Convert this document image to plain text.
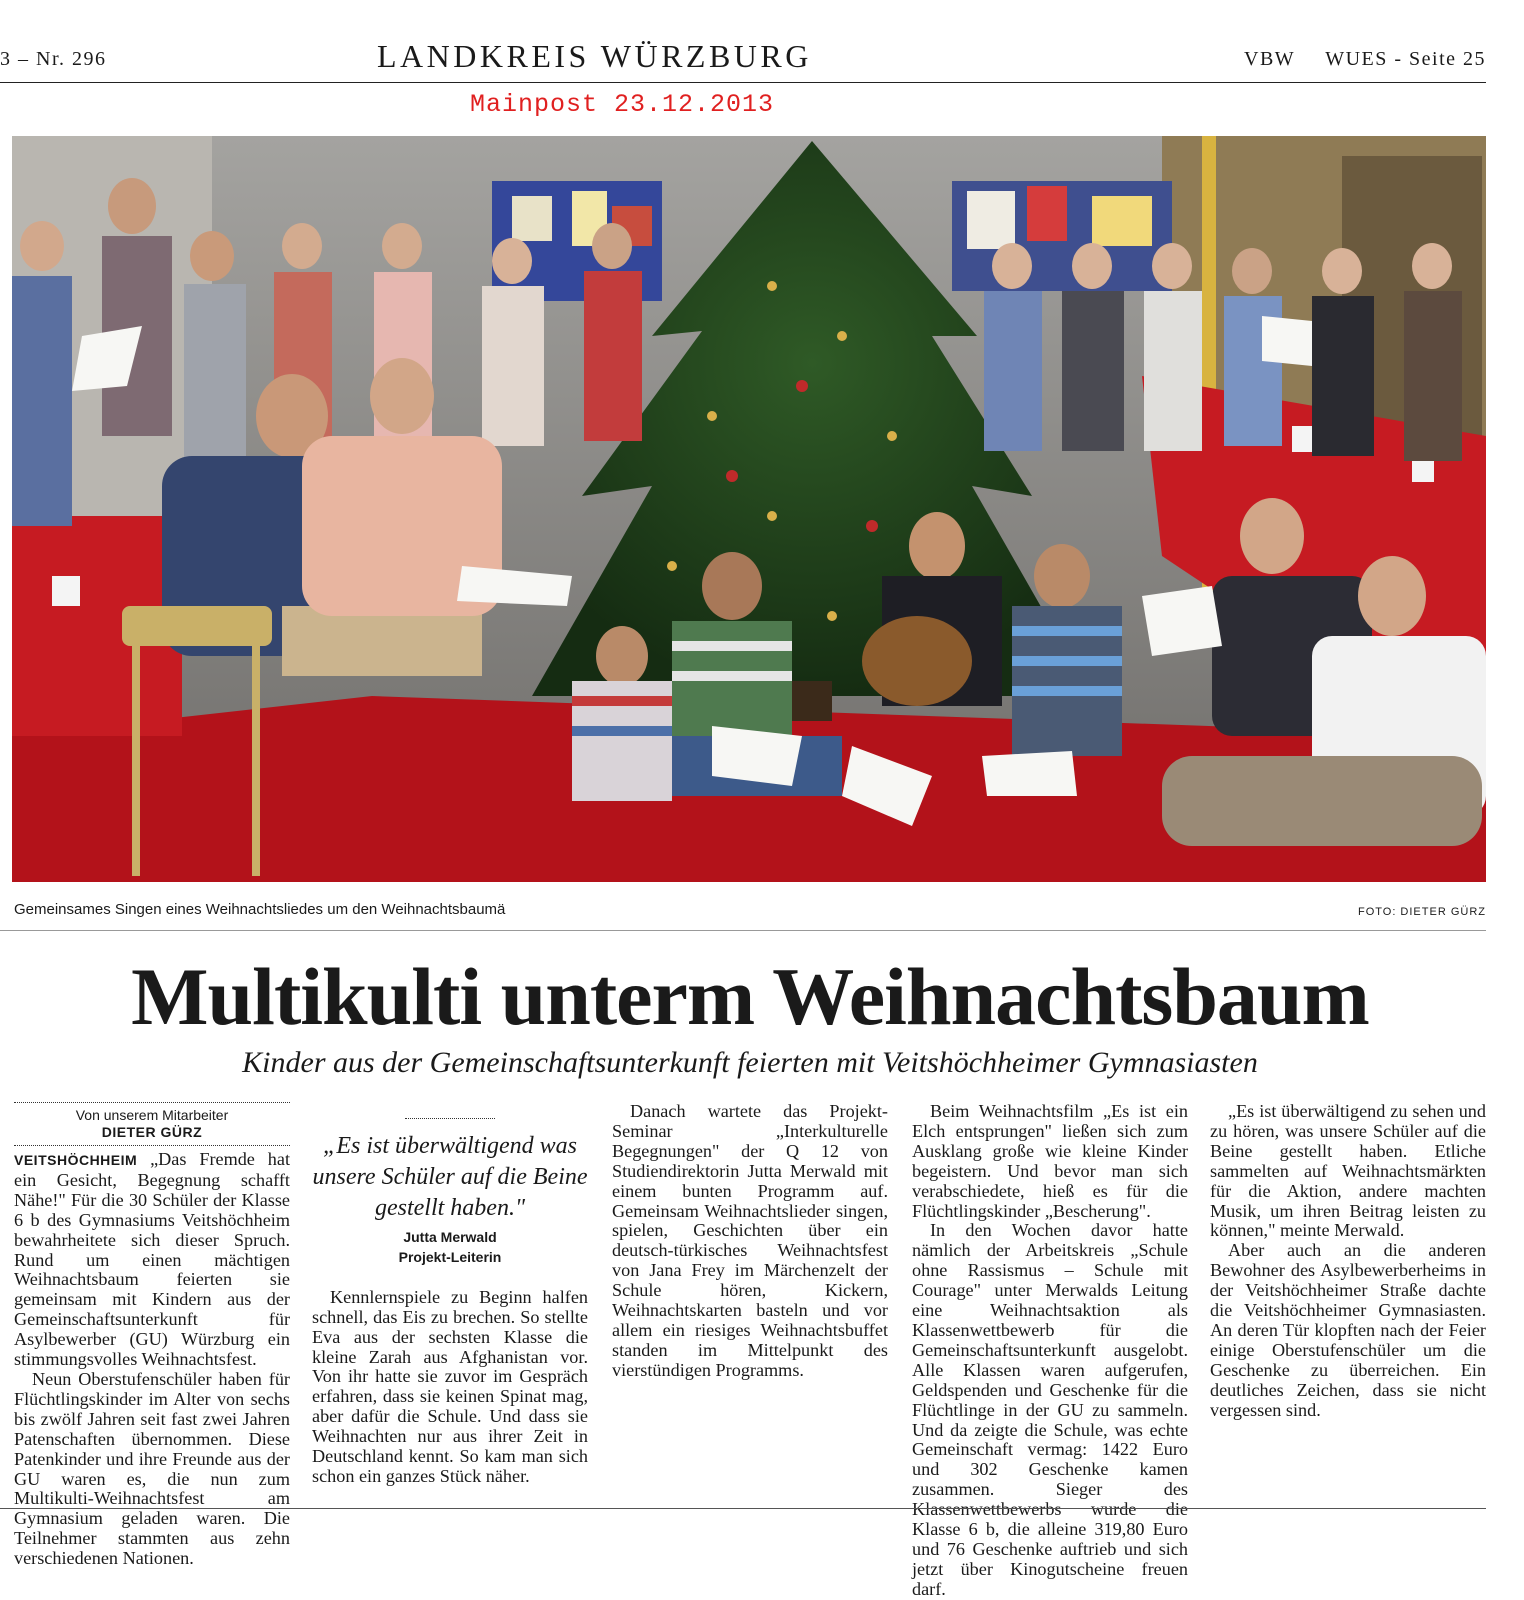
3 – Nr. 296	LANDKREIS WÜRZBURG	VBW WUES - Seite 25
Mainpost 23.12.2013
Gemeinsames Singen eines Weihnachtsliedes um den Weihnachtsbaumä	FOTO: DIETER GÜRZ
Multikulti unterm Weihnachtsbaum
Kinder aus der Gemeinschaftsunterkunft feierten mit Veitshöchheimer Gymnasiasten
Von unserem Mitarbeiter
DIETER GÜRZ

VEITSHÖCHHEIM „Das Fremde hat ein Gesicht, Begegnung schafft Nähe!" Für die 30 Schüler der Klasse 6 b des Gymnasiums Veitshöchheim bewahrheitete sich dieser Spruch. Rund um einen mächtigen Weihnachtsbaum feierten sie gemeinsam mit Kindern aus der Gemeinschaftsunterkunft für Asylbewerber (GU) Würzburg ein stimmungsvolles Weihnachtsfest.

Neun Oberstufenschüler haben für Flüchtlingskinder im Alter von sechs bis zwölf Jahren seit fast zwei Jahren Patenschaften übernommen. Diese Patenkinder und ihre Freunde aus der GU waren es, die nun zum Multikulti-Weihnachtsfest am Gymnasium geladen waren. Die Teilnehmer stammten aus zehn verschiedenen Nationen.

„Es ist überwältigend was unsere Schüler auf die Beine gestellt haben."
Jutta Merwald
Projekt-Leiterin

Kennlernspiele zu Beginn halfen schnell, das Eis zu brechen. So stellte Eva aus der sechsten Klasse die kleine Zarah aus Afghanistan vor. Von ihr hatte sie zuvor im Gespräch erfahren, dass sie keinen Spinat mag, aber dafür die Schule. Und dass sie Weihnachten nur aus ihrer Zeit in Deutschland kennt. So kam man sich schon ein ganzes Stück näher.

Danach wartete das Projekt-Seminar „Interkulturelle Begegnungen" der Q 12 von Studiendirektorin Jutta Merwald mit einem bunten Programm auf. Gemeinsam Weihnachtslieder singen, spielen, Geschichten über ein deutsch-türkisches Weihnachtsfest von Jana Frey im Märchenzelt der Schule hören, Kickern, Weihnachtskarten basteln und vor allem ein riesiges Weihnachtsbuffet standen im Mittelpunkt des vierstündigen Programms.

Beim Weihnachtsfilm „Es ist ein Elch entsprungen" ließen sich zum Ausklang große wie kleine Kinder begeistern. Und bevor man sich verabschiedete, hieß es für die Flüchtlingskinder „Bescherung".

In den Wochen davor hatte nämlich der Arbeitskreis „Schule ohne Rassismus – Schule mit Courage" unter Merwalds Leitung eine Weihnachtsaktion als Klassenwettbewerb für die Gemeinschaftsunterkunft ausgelobt. Alle Klassen waren aufgerufen, Geldspenden und Geschenke für die Flüchtlinge in der GU zu sammeln. Und da zeigte die Schule, was echte Gemeinschaft vermag: 1422 Euro und 302 Geschenke kamen zusammen. Sieger des Klassenwettbewerbs wurde die Klasse 6 b, die alleine 319,80 Euro und 76 Geschenke auftrieb und sich jetzt über Kinogutscheine freuen darf.

„Es ist überwältigend zu sehen und zu hören, was unsere Schüler auf die Beine gestellt haben. Etliche sammelten auf Weihnachtsmärkten für die Aktion, andere machten Musik, um ihren Beitrag leisten zu können," meinte Merwald.

Aber auch an die anderen Bewohner des Asylbewerberheims in der Veitshöchheimer Straße dachte die Veitshöchheimer Gymnasiasten. An deren Tür klopften nach der Feier einige Oberstufenschüler um die Geschenke zu überreichen. Ein deutliches Zeichen, dass sie nicht vergessen sind.
